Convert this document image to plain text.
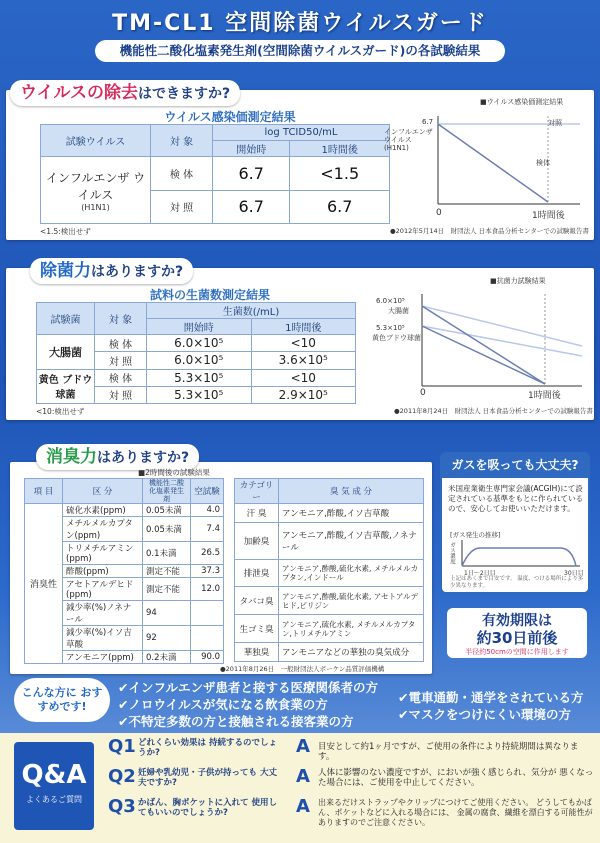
TM-CL1 空間除菌ウイルスガード
機能性二酸化塩素発生剤(空間除菌ウイルスガード)の各試験結果
ウイルスの除去はできますか?
ウイルス感染価測定結果
試験ウイルス	対 象	log TCID50/mL	
		開始時	1時間後

インフルエンザ ウイルス
(H1N1)	検 体	6.7	<1.5
	対 照	6.7	6.7
<1.5:検出せず
■ウイルス感染価測定結果
6.7
インフルエンザ ウイルス(H1N1)
対照
検体
0	1時間後
●2012年5月14日　財団法人 日本食品分析センターでの試験報告書
除菌力はありますか?
試料の生菌数測定結果
試験菌	対 象	生菌数(/mL)	
		開始時	1時間後
大腸菌	検 体	6.0×10⁵	<10
	対 照	6.0×10⁵	3.6×10⁵
黄色 ブドウ球菌	検 体	5.3×10⁵	<10
	対 照	5.3×10⁵	2.9×10⁵
<10:検出せず
■抗菌力試験結果
6.0×10⁵
大腸菌
5.3×10⁵
黄色ブドウ球菌
0	1時間後
●2011年8月24日　財団法人 日本食品分析センターでの試験報告書
消臭力はありますか?
■2時間後の試験結果
項 目	区 分	機能性二酸化塩素発生剤	空試験
消臭性	硫化水素(ppm)	0.05未満	4.0
	メチルメルカプタン(ppm)	0.05未満	7.4
	トリメチルアミン(ppm)	0.1未満	26.5
	酢酸(ppm)	測定不能	37.3
	アセトアルデヒド(ppm)	測定不能	12.0
	減少率(%)ノネナール	94	
	減少率(%)イソ吉草酸	92	
	アンモニア(ppm)	0.2未満	90.0
カテゴリー	臭 気 成 分
汗 臭	アンモニア,酢酸,イソ吉草酸
加齢臭	アンモニア,酢酸,イソ吉草酸,ノネナール
排泄臭	アンモニア,酢酸,硫化水素, メチルメルカプタン,インドール
タバコ臭	アンモニア,酢酸,硫化水素, アセトアルデヒド,ピリジン
生ゴミ臭	アンモニア,硫化水素, メチルメルカプタン,トリメチルアミン
華独臭	アンモニアなどの華独の臭気成分
●2011年8月26日　一般財団法人ボーケン品質評価機構
ガスを吸っても大丈夫?
米国産業衛生専門家会議(ACGIH)にて設定されている基準をもとに作られているので、安心してお使いいただけます。
[ガス発生の推移]
ガス濃度
1日〜2日目	30日目
上記はあくまで目安です。 温度、つける場所により多少異なります。
有効期限は
約30日前後
半径約50cmの空間に作用します
こんな方に おすすめです!
✔インフルエンザ患者と接する医療関係者の方
✔ノロウイルスが気になる飲食業の方
✔不特定多数の方と接触される接客業の方
✔電車通勤・通学をされている方
✔マスクをつけにくい環境の方
Q&A
よくあるご質問
Q1 どれくらい効果は 持続するのでしょうか?	A 目安として約1ヶ月ですが、ご使用の条件により持続期間は異なります。
Q2 妊婦や乳幼児・子供が持っても 大丈夫ですか?	A 人体に影響のない濃度ですが、においが強く感じられ、気分が 悪くなった場合には、ご使用を中止してください。
Q3 かばん、胸ポケットに入れて 使用してもいいのでしょうか?	A 出来るだけストラップやクリップにつけてご使用ください。 どうしてもかばん、ポケットなどに入れる場合には、 金属の腐食、繊維を漂白する可能性がありますのでご注意ください。
